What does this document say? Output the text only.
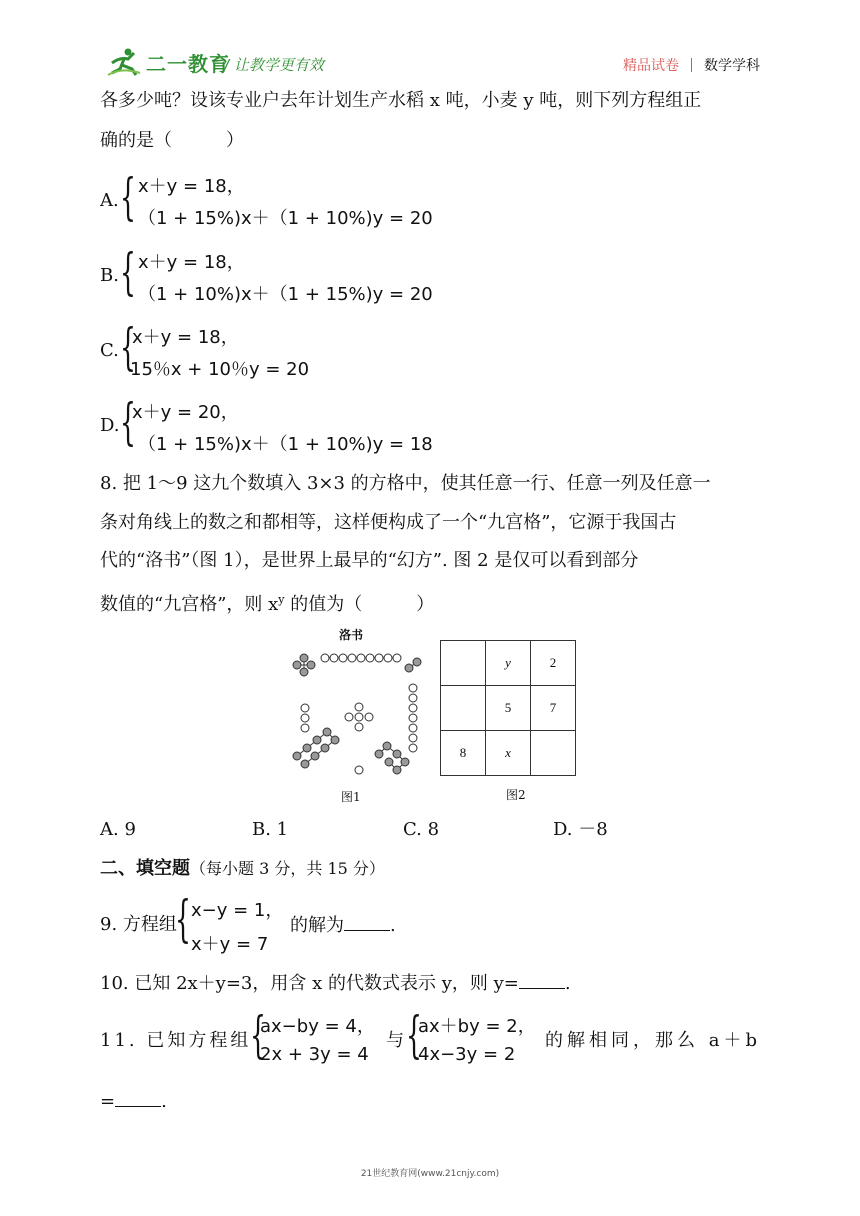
二一教育
/ 让教学更有效	精品试卷 数学学科
各多少吨？设该专业户去年计划生产水稻 x 吨，小麦 y 吨，则下列方程组正
确的是（　　　）
A. { x＋y = 18，
（1 + 15%)x＋（1 + 10%)y = 20
B. { x＋y = 18，
（1 + 10%)x＋（1 + 15%)y = 20
C. {
x＋y = 18，
15％x + 10％y = 20
D. {
x＋y = 20，
（1 + 15%)x＋（1 + 10%)y = 18
8. 把 1～9 这九个数填入 3×3 的方格中，使其任意一行、任意一列及任意一
条对角线上的数之和都相等，这样便构成了一个“九宫格”，它源于我国古
代的“洛书”（图 1），是世界上最早的“幻方”. 图 2 是仅可以看到部分
数值的“九宫格”，则 $x^y$ 的值为（　　　）
洛书
图1
	y	2
	5	7
8	x	
图2
A. 9	B. 1	C. 8	D. －8
二、填空题（每小题 3 分，共 15 分）
9. 方程组
{ x−y = 1，
x＋y = 7
的解为	.
10. 已知 2x＋y=3，用含 x 的代数式表示 y，则 y=	.
11. 已知方程组
{
ax−by = 4，
2x + 3y = 4
与 {
ax＋by = 2，
4x−3y = 2
的解相同，那么 a＋b
=	.
21世纪教育网(www.21cnjy.com)
